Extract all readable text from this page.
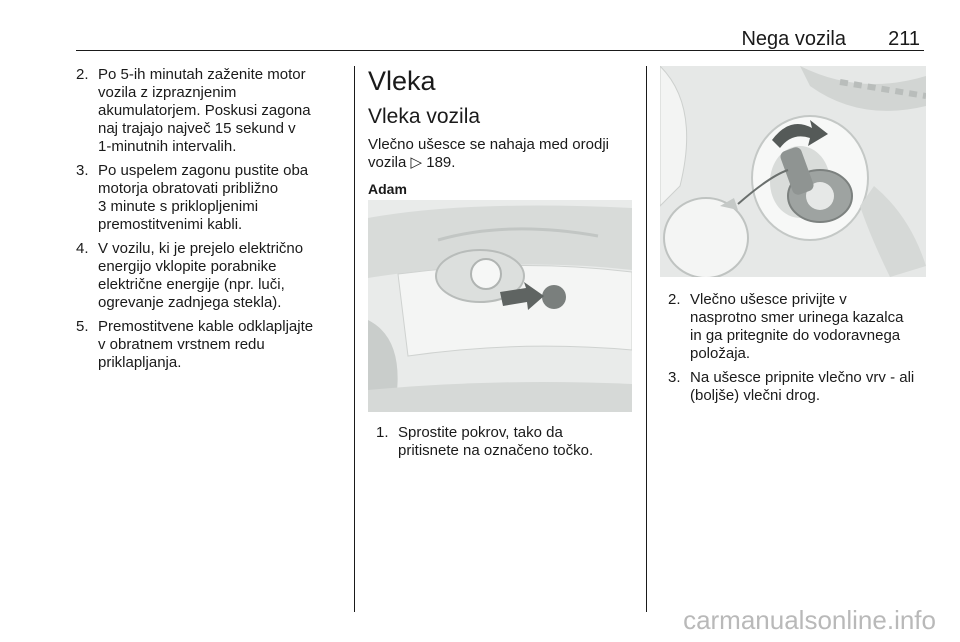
Nega vozila 211
2. Po 5-ih minutah zaženite motor
vozila z izpraznjenim
akumulatorjem. Poskusi zagona
naj trajajo največ 15 sekund v
1-minutnih intervalih.
3. Po uspelem zagonu pustite oba
motorja obratovati približno
3 minute s priklopljenimi
premostitvenimi kabli.
4. V vozilu, ki je prejelo električno
energijo vklopite porabnike
električne energije (npr. luči,
ogrevanje zadnjega stekla).
5. Premostitvene kable odklapljajte
v obratnem vrstnem redu
priklapljanja.
Vleka
Vleka vozila
Vlečno ušesce se nahaja med orodji
vozila ▷ 189.
Adam
1. Sprostite pokrov, tako da
pritisnete na označeno točko.
2. Vlečno ušesce privijte v
nasprotno smer urinega kazalca
in ga pritegnite do vodoravnega
položaja.
3. Na ušesce pripnite vlečno vrv - ali
(boljše) vlečni drog.
carmanualsonline.info
